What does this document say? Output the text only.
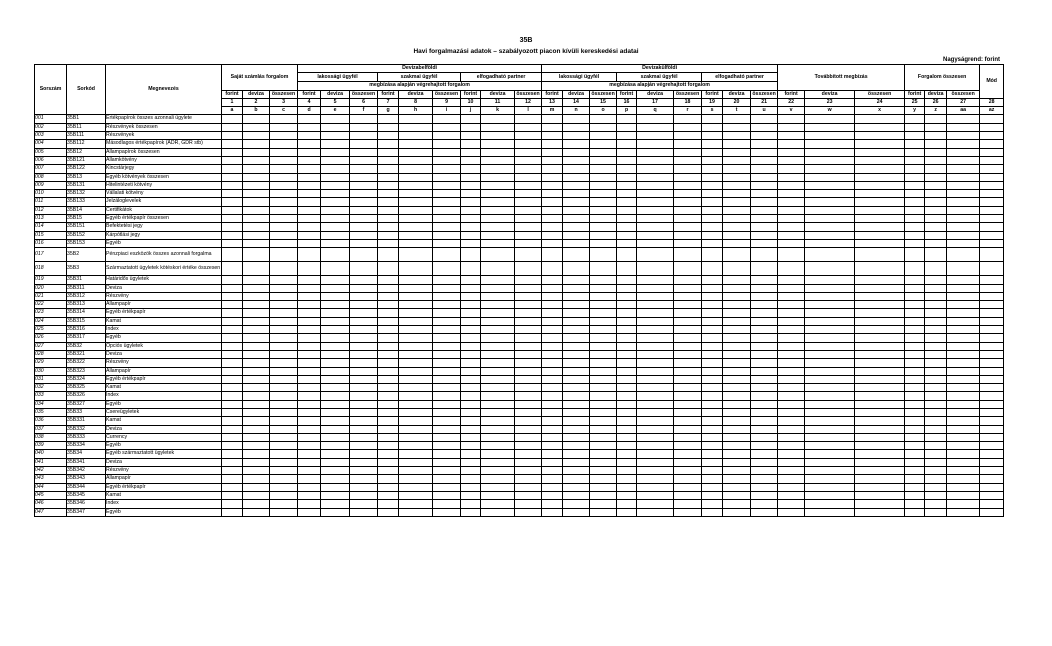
35B
Havi forgalmazási adatok – szabályozott piacon kívüli kereskedési adatai
Nagyságrend: forint
Sorszám	Sorkód	Megnevezés	Saját számlás forgalom			Devizabelföldi									Devizakülföldi									Továbbított megbízás			Forgalom összesen			Mód
						lakossági ügyfél			szakmai ügyfél			elfogadható partner			lakossági ügyfél			szakmai ügyfél			elfogadható partner									
						megbízása alapján végrehajtott forgalom									megbízása alapján végrehajtott forgalom															
			forint	deviza	összesen	forint	deviza	összesen	forint	deviza	összesen	forint	deviza	összesen	forint	deviza	összesen	forint	deviza	összesen	forint	deviza	összesen	forint	deviza	összesen	forint	deviza	összesen	
			1	2	3	4	5	6	7	8	9	10	11	12	13	14	15	16	17	18	19	20	21	22	23	24	25	26	27	28
			a	b	c	d	e	f	g	h	i	j	k	l	m	n	o	p	q	r	s	t	u	v	w	x	y	z	aa	az
001	35B1	Értékpapírok összes azonnali ügylete																												
002	35B11	Részvények összesen																												
003	35B111	Részvények																												
004	35B112	Másodlagos értékpapírok (ADR, GDR stb)																												
005	35B12	Állampapírok összesen																												
006	35B121	Államkötvény																												
007	35B122	Kincstárjegy																												
008	35B13	Egyéb kötvények összesen																												
009	35B131	Hitelintézeti kötvény																												
010	35B132	Vállalati kötvény																												
011	35B133	Jelzáloglevelek																												
012	35B14	Certifikátok																												
013	35B15	Egyéb értékpapír összesen																												
014	35B151	Befektetési jegy																												
015	35B152	Kárpótlási jegy																												
016	35B153	Egyéb																												
017	35B2	Pénzpiaci eszközök összes azonnali forgalma																												
018	35B3	Származtatott ügyletek kötéskori értéke összesen																												
019	35B31	Határidős ügyletek																												
020	35B311	Deviza																												
021	35B312	Részvény																												
022	35B313	Állampapír																												
023	35B314	Egyéb értékpapír																												
024	35B315	Kamat																												
025	35B316	Index																												
026	35B317	Egyéb																												
027	35B32	Opciós ügyletek																												
028	35B321	Deviza																												
029	35B322	Részvény																												
030	35B323	Állampapír																												
031	35B324	Egyéb értékpapír																												
032	35B325	Kamat																												
033	35B326	Index																												
034	35B327	Egyéb																												
035	35B33	Csereügyletek																												
036	35B331	Kamat																												
037	35B332	Deviza																												
038	35B333	Currency																												
039	35B334	Egyéb																												
040	35B34	Egyéb származtatott ügyletek																												
041	35B341	Deviza																												
042	35B342	Részvény																												
043	35B343	Állampapír																												
044	35B344	Egyéb értékpapír																												
045	35B345	Kamat																												
046	35B346	Index																												
047	35B347	Egyéb																												
